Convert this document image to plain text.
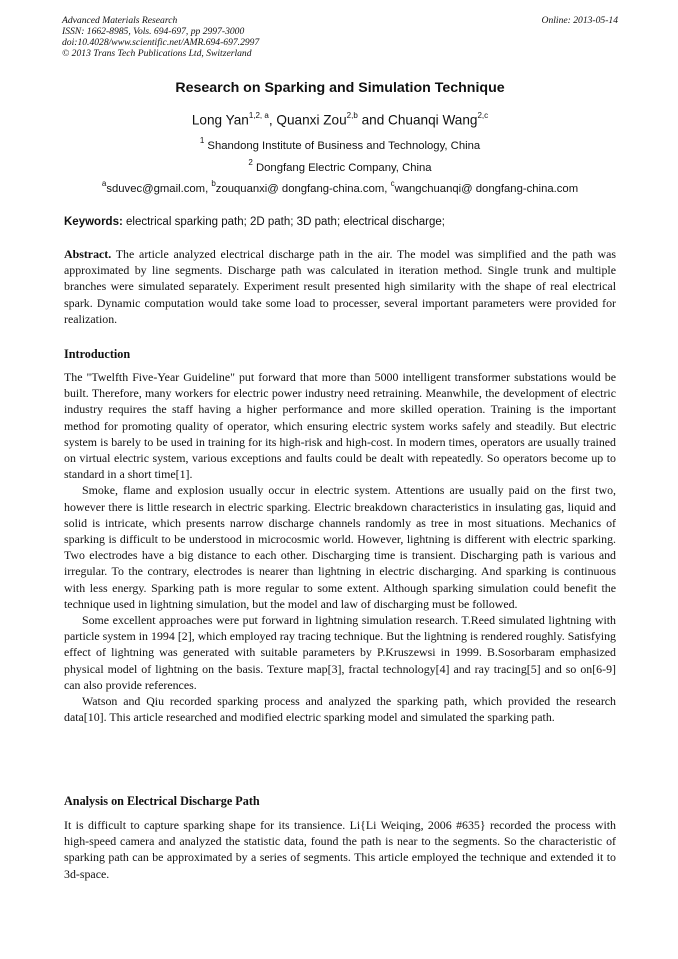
Advanced Materials Research
ISSN: 1662-8985, Vols. 694-697, pp 2997-3000
doi:10.4028/www.scientific.net/AMR.694-697.2997
© 2013 Trans Tech Publications Ltd, Switzerland
Online: 2013-05-14
Research on Sparking and Simulation Technique
Long Yan$^{1,2, a}$, Quanxi Zou$^{2,b}$ and Chuanqi Wang$^{2,c}$
$^1$ Shandong Institute of Business and Technology, China
$^2$ Dongfang Electric Company, China
$^a$sduvec@gmail.com, $^b$zouquanxi@ dongfang-china.com, $^c$wangchuanqi@ dongfang-china.com
Keywords: electrical sparking path; 2D path; 3D path; electrical discharge;

Abstract. The article analyzed electrical discharge path in the air. The model was simplified and the path was approximated by line segments. Discharge path was calculated in iteration method. Single trunk and multiple branches were simulated separately. Experiment result presented high similarity with the shape of real electrical spark. Dynamic computation would take some load to processer, several important parameters were provided for realization.

Introduction

The "Twelfth Five-Year Guideline" put forward that more than 5000 intelligent transformer substations would be built. Therefore, many workers for electric power industry need retraining. Meanwhile, the development of electric industry requires the staff having a higher performance and more skilled operation. Training is the important method for promoting quality of operator, which ensuring electric system works safely and steadily. But electric system is barely to be used in training for its high-risk and high-cost. In modern times, operators are usually trained on virtual electric system, various exceptions and faults could be dealt with repeatedly. So operators become up to standard in a short time[1].

Smoke, flame and explosion usually occur in electric system. Attentions are usually paid on the first two, however there is little research in electric sparking. Electric breakdown characteristics in insulating gas, liquid and solid is intricate, which presents narrow discharge channels randomly as tree in most situations. Mechanics of sparking is difficult to be understood in microcosmic world. However, lightning is different with electric sparking. Two electrodes have a big distance to each other. Discharging time is transient. Discharging path is various and irregular. To the contrary, electrodes is nearer than lightning in electric discharging. And sparking is continuous with less energy. Sparking path is more regular to some extent. Although sparking simulation could benefit the technique used in lightning simulation, but the model and law of discharging must be followed.

Some excellent approaches were put forward in lightning simulation research. T.Reed simulated lightning with particle system in 1994 [2], which employed ray tracing technique. But the lightning is rendered roughly. Satisfying effect of lightning was generated with suitable parameters by P.Kruszewsi in 1999. B.Sosorbaram emphasized physical model of lightning on the basis. Texture map[3], fractal technology[4] and ray tracing[5] and so on[6-9] can also provide references.

Watson and Qiu recorded sparking process and analyzed the sparking path, which provided the research data[10]. This article researched and modified electric sparking model and simulated the sparking path.

Analysis on Electrical Discharge Path

It is difficult to capture sparking shape for its transience. Li{Li Weiqing, 2006 #635} recorded the process with high-speed camera and analyzed the statistic data, found the path is near to the segments. So the characteristic of sparking path can be approximated by a series of segments. This article employed the technique and extended it to 3d-space.
